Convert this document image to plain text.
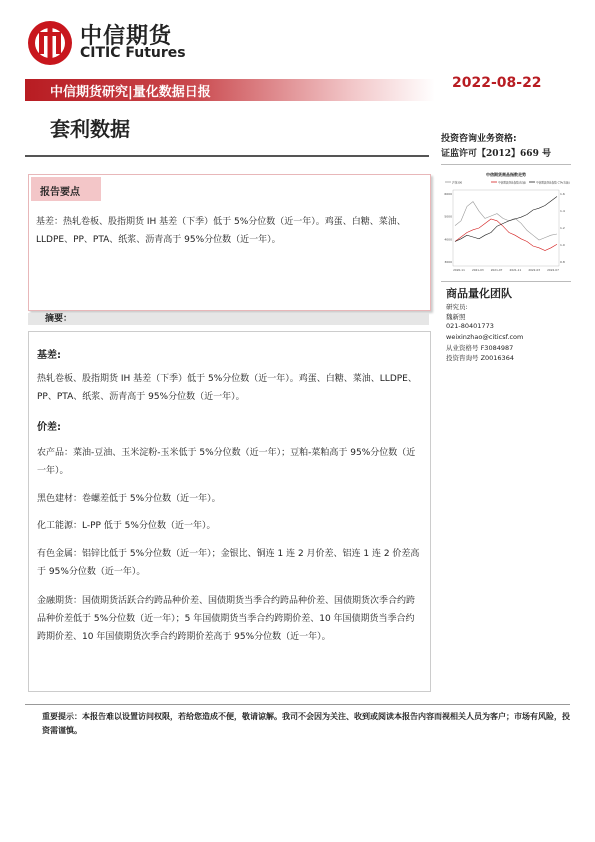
中信期货
CITIC Futures
中信期货研究|量化数据日报
2022-08-22
套利数据	投资咨询业务资格:
证监许可【2012】669 号
中信期货商品指数走势
沪深300	中信期货商品指数(右轴)	中信期货商品指数 CTA(右轴)
6000
5000
4000
3000
1.6
1.4
1.2
1.0
0.8
2020-11	2021-03	2021-07	2021-11	2022-03	2022-07
商品量化团队
研究员:
魏新照
021-80401773
weixinzhao@citicsf.com
从业资格号 F3084987
投资咨询号 Z0016364
报告要点
基差：热轧卷板、股指期货 IH 基差（下季）低于 5%分位数（近一年）。鸡蛋、白糖、菜油、LLDPE、PP、PTA、纸浆、沥青高于 95%分位数（近一年）。
摘要：
基差:
热轧卷板、股指期货 IH 基差（下季）低于 5%分位数（近一年）。鸡蛋、白糖、菜油、LLDPE、PP、PTA、纸浆、沥青高于 95%分位数（近一年）。
价差:
农产品：菜油-豆油、玉米淀粉-玉米低于 5%分位数（近一年）；豆粕-菜粕高于 95%分位数（近一年）。
黑色建材：卷螺差低于 5%分位数（近一年）。
化工能源：L-PP 低于 5%分位数（近一年）。
有色金属：铝锌比低于 5%分位数（近一年）；金银比、铜连 1 连 2 月价差、铝连 1 连 2 价差高于 95%分位数（近一年）。
金融期货：国债期货活跃合约跨品种价差、国债期货当季合约跨品种价差、国债期货次季合约跨品种价差低于 5%分位数（近一年）；5 年国债期货当季合约跨期价差、10 年国债期货当季合约跨期价差、10 年国债期货次季合约跨期价差高于 95%分位数（近一年）。
重要提示：本报告难以设置访问权限，若给您造成不便，敬请谅解。我司不会因为关注、收到或阅读本报告内容而视相关人员为客户；市场有风险，投资需谨慎。
